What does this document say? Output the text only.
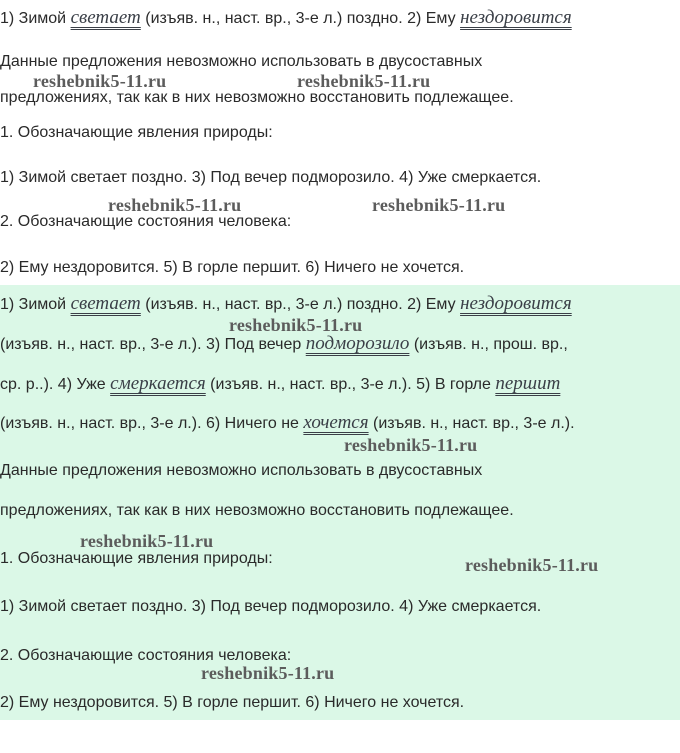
1) Зимой светает (изъяв. н., наст. вр., 3-е л.) поздно. 2) Ему нездоровится
Данные предложения невозможно использовать в двусоставных
предложениях, так как в них невозможно восстановить подлежащее.
1. Обозначающие явления природы:
1) Зимой светает поздно. 3) Под вечер подморозило. 4) Уже смеркается.
2. Обозначающие состояния человека:
2) Ему нездоровится. 5) В горле першит. 6) Ничего не хочется.
1) Зимой светает (изъяв. н., наст. вр., 3-е л.) поздно. 2) Ему нездоровится
(изъяв. н., наст. вр., 3-е л.). 3) Под вечер подморозило (изъяв. н., прош. вр.,
ср. р..). 4) Уже смеркается (изъяв. н., наст. вр., 3-е л.). 5) В горле першит
(изъяв. н., наст. вр., 3-е л.). 6) Ничего не хочется (изъяв. н., наст. вр., 3-е л.).
Данные предложения невозможно использовать в двусоставных
предложениях, так как в них невозможно восстановить подлежащее.
1. Обозначающие явления природы:
1) Зимой светает поздно. 3) Под вечер подморозило. 4) Уже смеркается.
2. Обозначающие состояния человека:
2) Ему нездоровится. 5) В горле першит. 6) Ничего не хочется.
reshebnik5-11.ru	reshebnik5-11.ru
reshebnik5-11.ru	reshebnik5-11.ru
reshebnik5-11.ru
reshebnik5-11.ru
reshebnik5-11.ru
reshebnik5-11.ru
reshebnik5-11.ru
